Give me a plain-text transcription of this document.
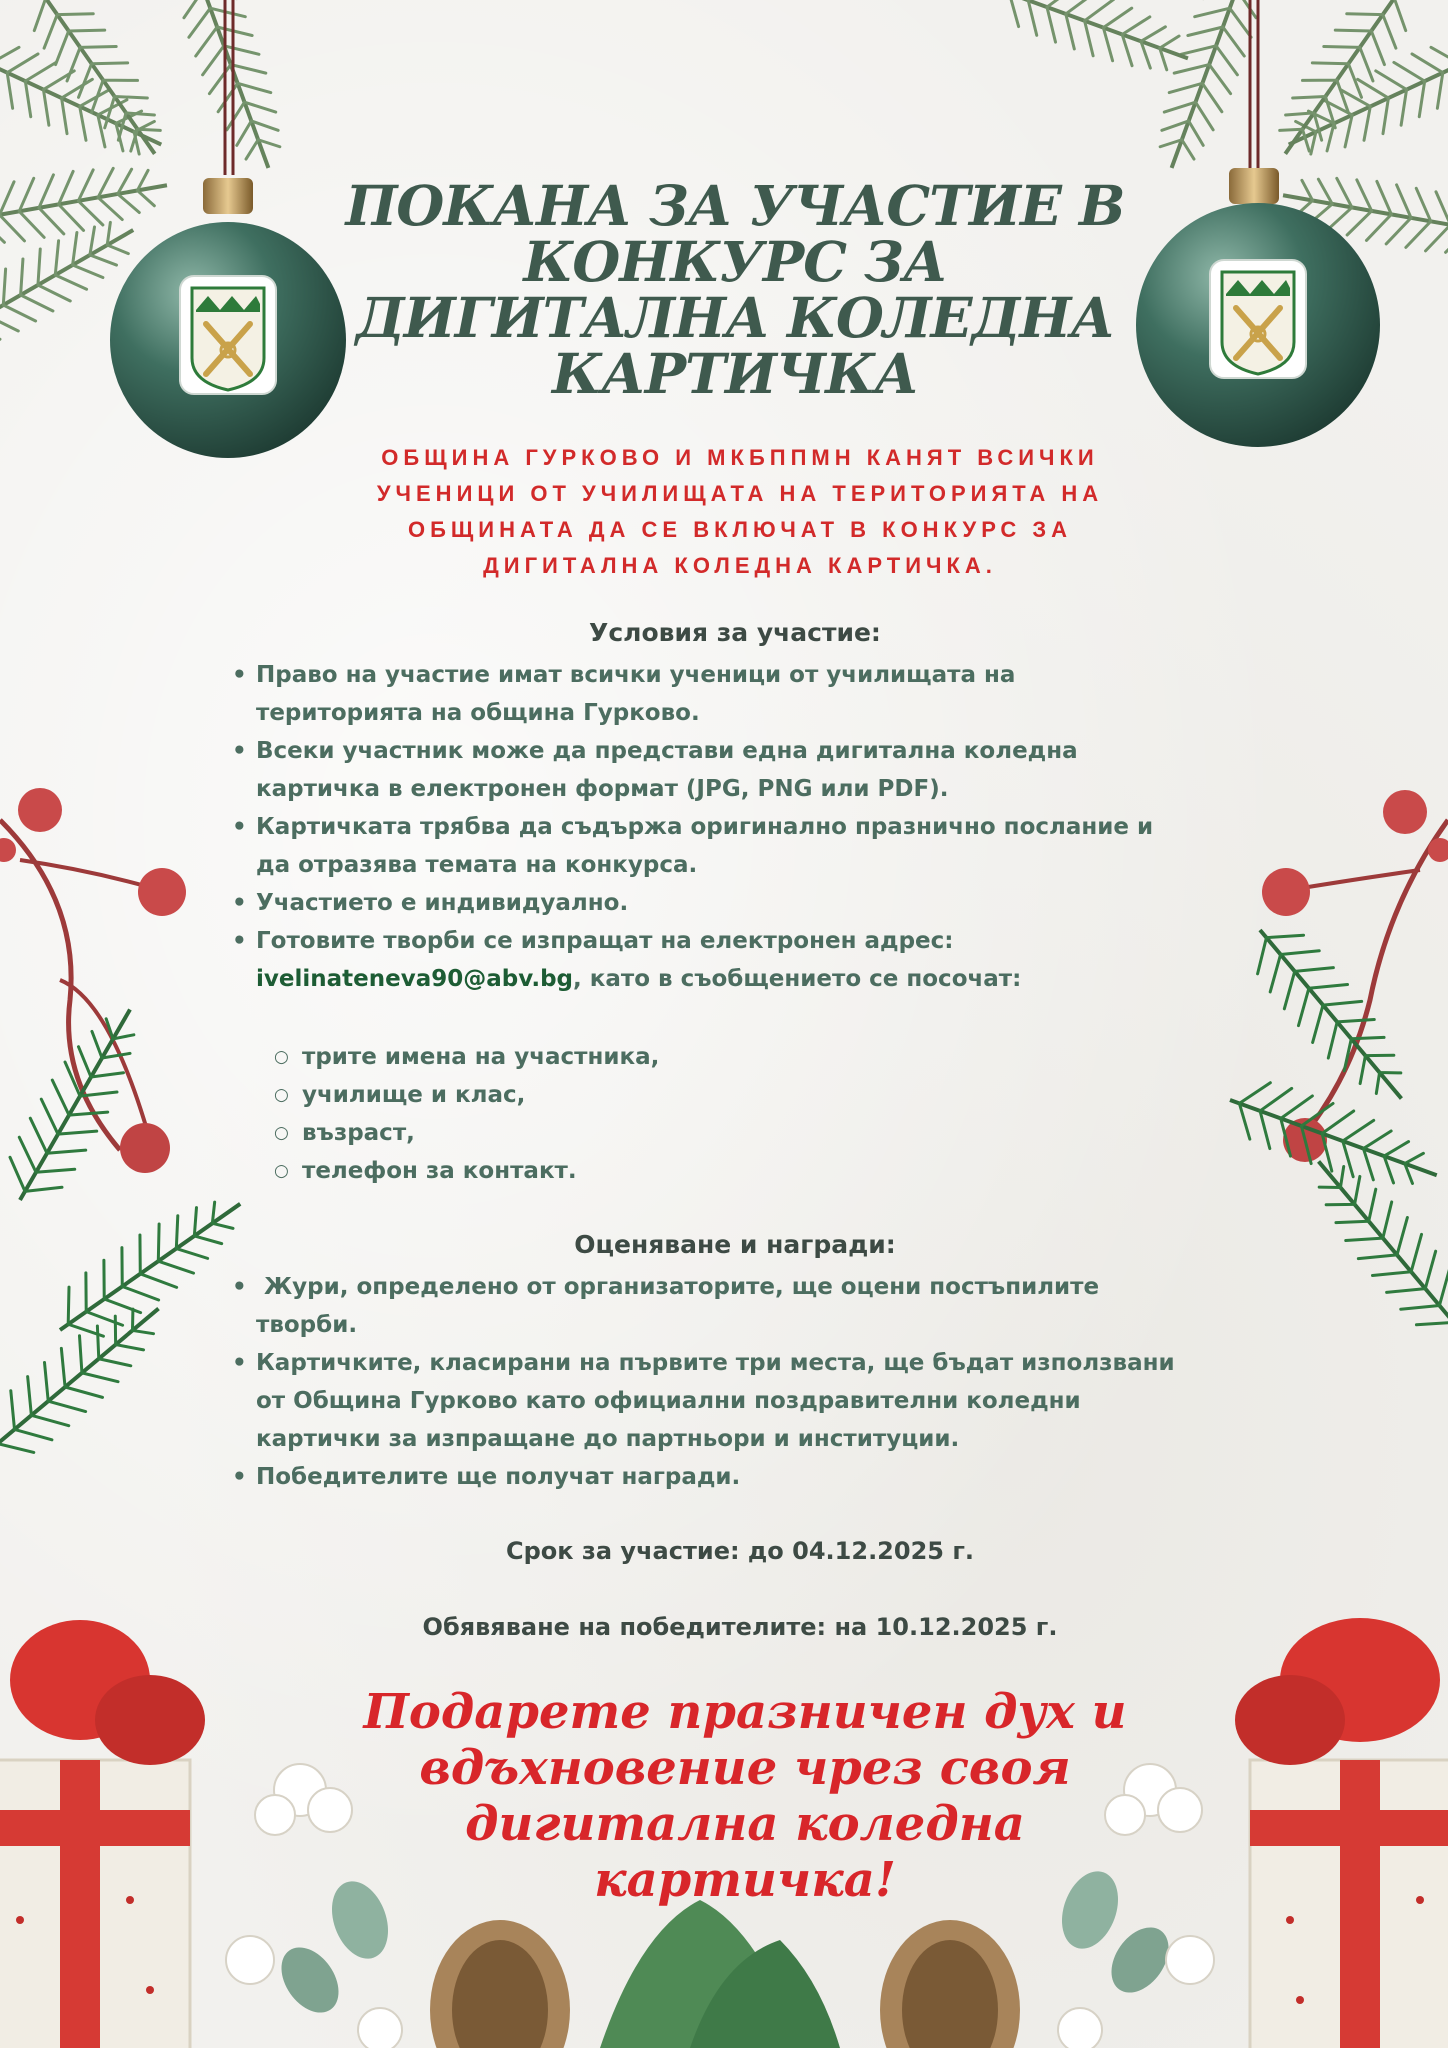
ПОКАНА ЗА УЧАСТИЕ В
КОНКУРС ЗА
ДИГИТАЛНА КОЛЕДНА
КАРТИЧКА

ОБЩИНА ГУРКОВО И МКБППМН КАНЯТ ВСИЧКИ
УЧЕНИЦИ ОТ УЧИЛИЩАТА НА ТЕРИТОРИЯТА НА
ОБЩИНАТА ДА СЕ ВКЛЮЧАТ В КОНКУРС ЗА
ДИГИТАЛНА КОЛЕДНА КАРТИЧКА.

Условия за участие:
• Право на участие имат всички ученици от училищата на
територията на община Гурково.
• Всеки участник може да представи една дигитална коледна
картичка в електронен формат (JPG, PNG или PDF).
• Картичката трябва да съдържа оригинално празнично послание и
да отразява темата на конкурса.
• Участието е индивидуално.
• Готовите творби се изпращат на електронен адрес:
ivelinateneva90@abv.bg, като в съобщението се посочат:
○ трите имена на участника,
○ училище и клас,
○ възраст,
○ телефон за контакт.
Оценяване и награди:
•  Жури, определено от организаторите, ще оцени постъпилите
творби.
• Картичките, класирани на първите три места, ще бъдат използвани
от Община Гурково като официални поздравителни коледни
картички за изпращане до партньори и институции.
• Победителите ще получат награди.

Срок за участие: до 04.12.2025 г.

Обявяване на победителите: на 10.12.2025 г.

Подарете празничен дух и
вдъхновение чрез своя
дигитална коледна картичка!
